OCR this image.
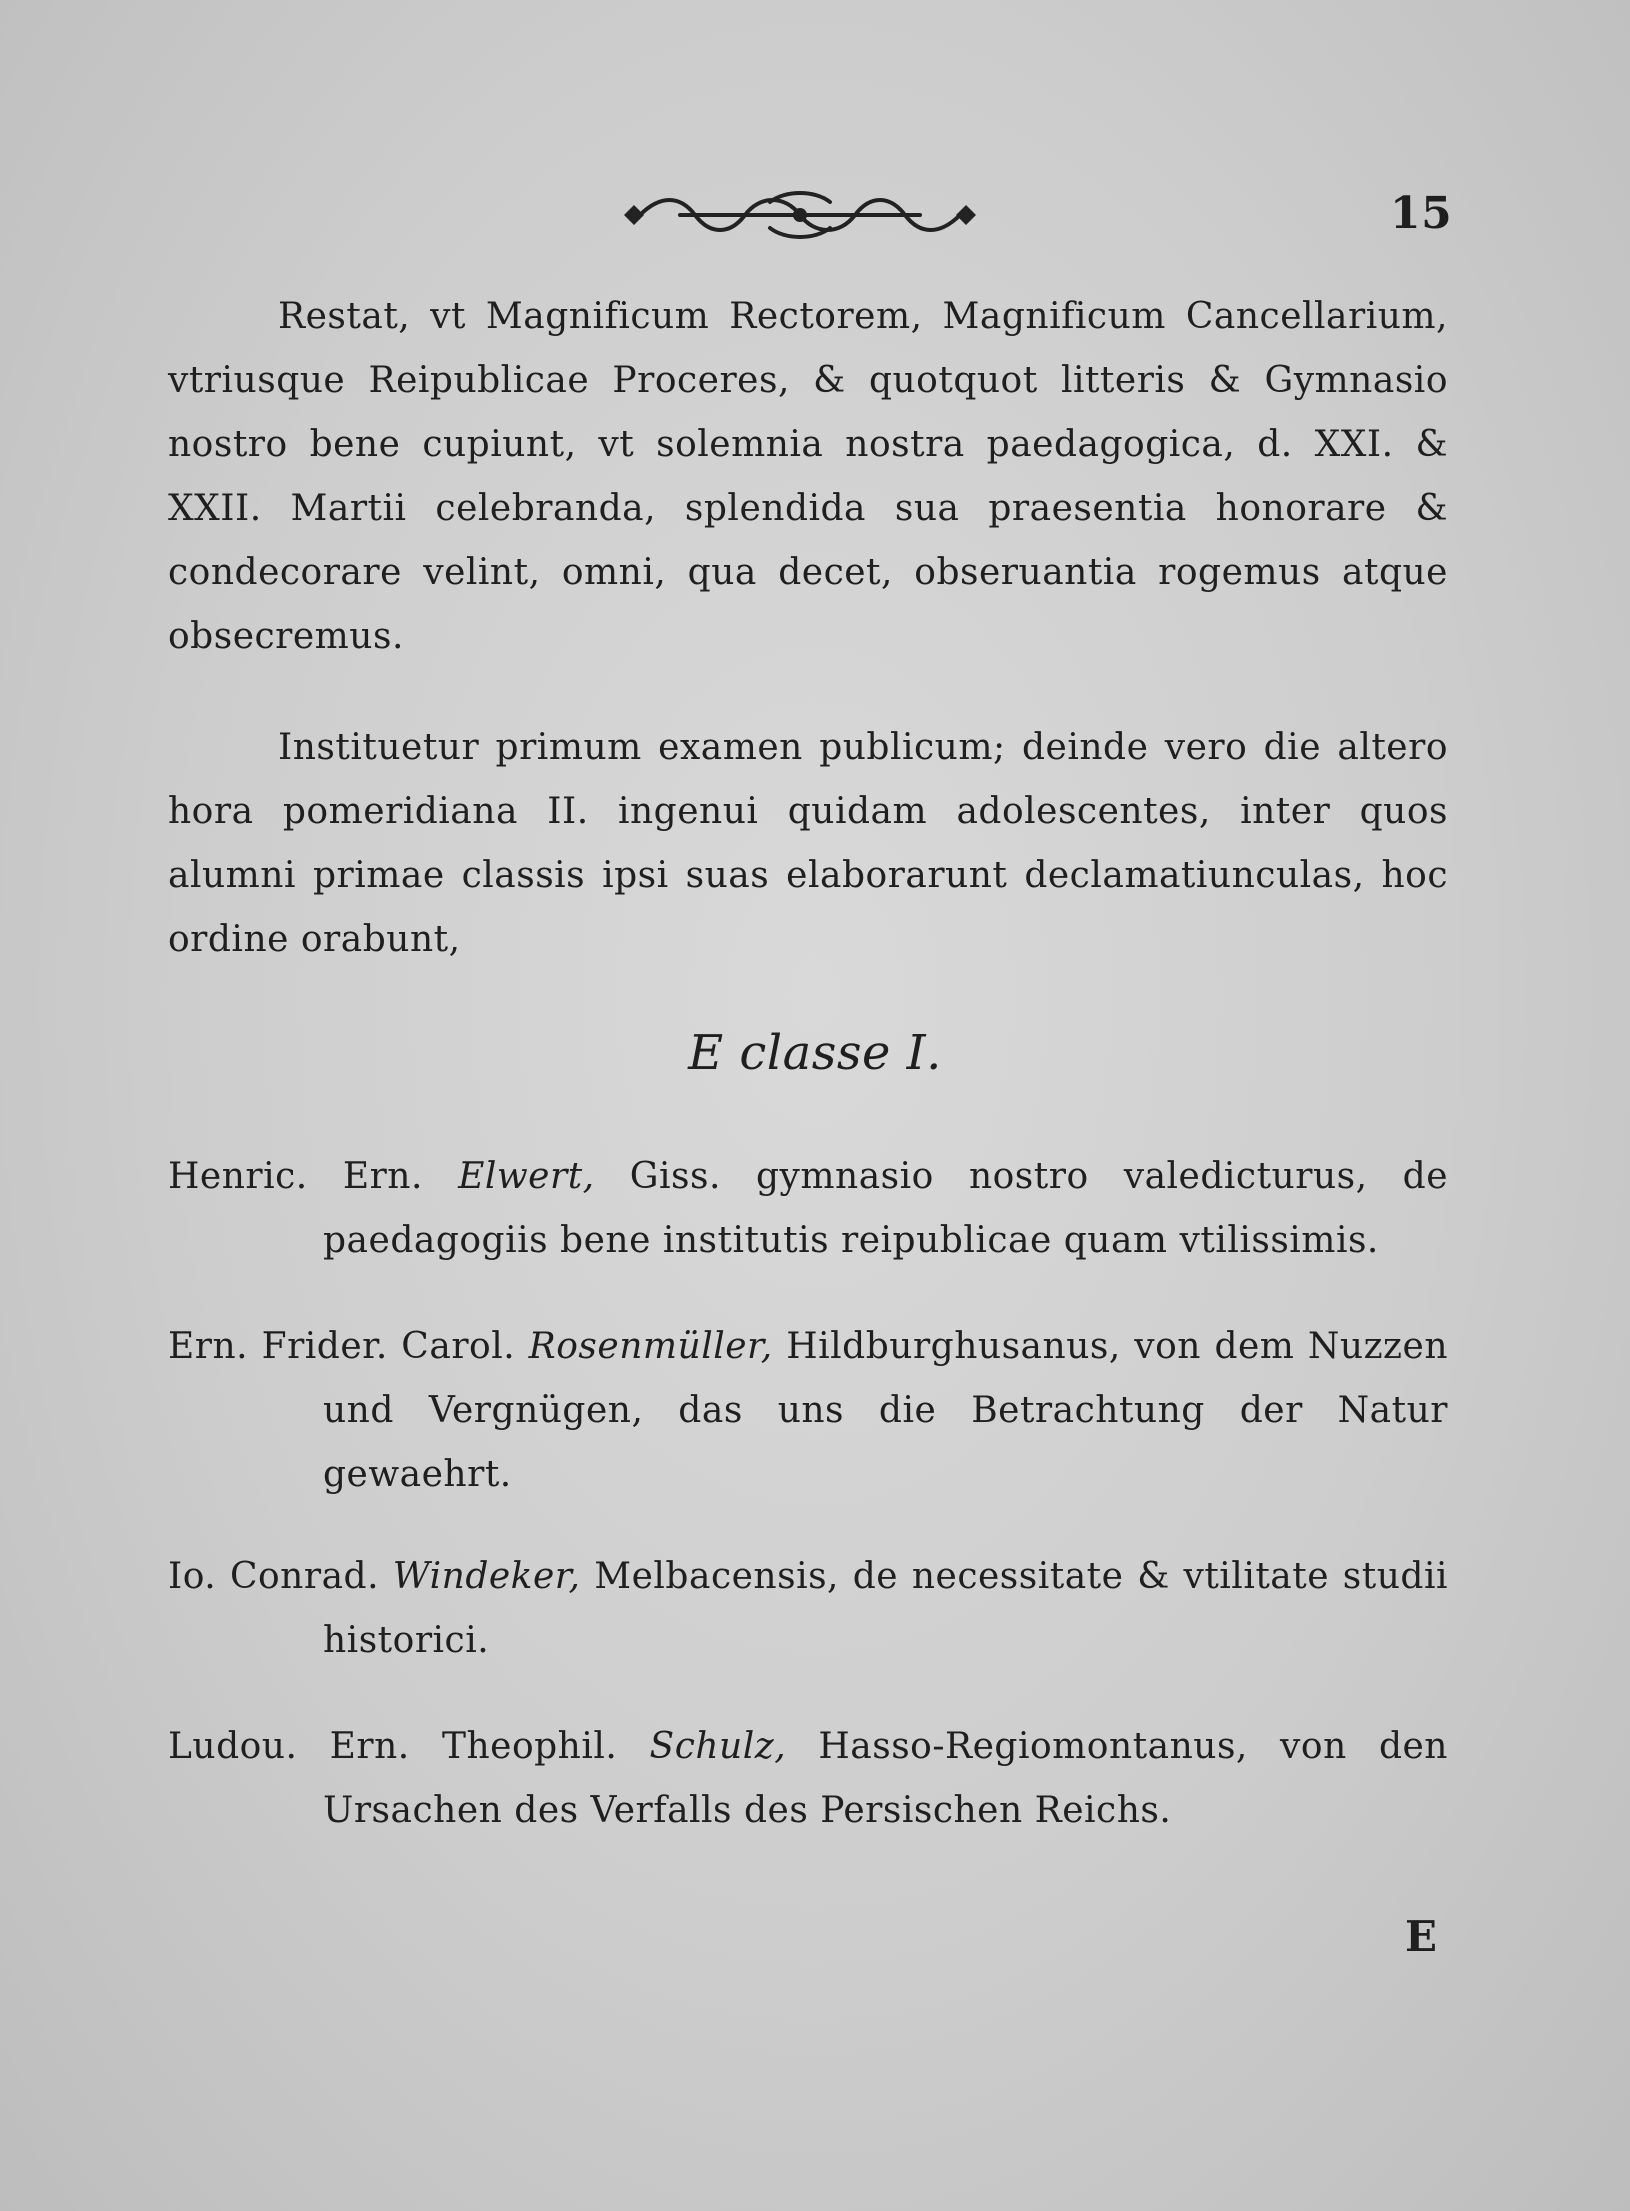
15

Restat, vt Magnificum Rectorem, Magnificum Cancellarium, vtriusque Reipublicae Proceres, & quotquot litteris & Gymnasio nostro bene cupiunt, vt solemnia nostra paedagogica, d. XXI. & XXII. Martii celebranda, splendida sua praesentia honorare & condecorare velint, omni, qua decet, obseruantia rogemus atque obsecremus.

Instituetur primum examen publicum; deinde vero die altero hora pomeridiana II. ingenui quidam adolescentes, inter quos alumni primae classis ipsi suas elaborarunt declamatiunculas, hoc ordine orabunt,

E classe I.

Henric. Ern. Elwert, Giss. gymnasio nostro valedicturus, de paedagogiis bene institutis reipublicae quam vtilissimis.

Ern. Frider. Carol. Rosenmüller, Hildburghusanus, von dem Nuzzen und Vergnügen, das uns die Betrachtung der Natur gewaehrt.

Io. Conrad. Windeker, Melbacensis, de necessitate & vtilitate studii historici.

Ludou. Ern. Theophil. Schulz, Hasso-Regiomontanus, von den Ursachen des Verfalls des Persischen Reichs.

E
